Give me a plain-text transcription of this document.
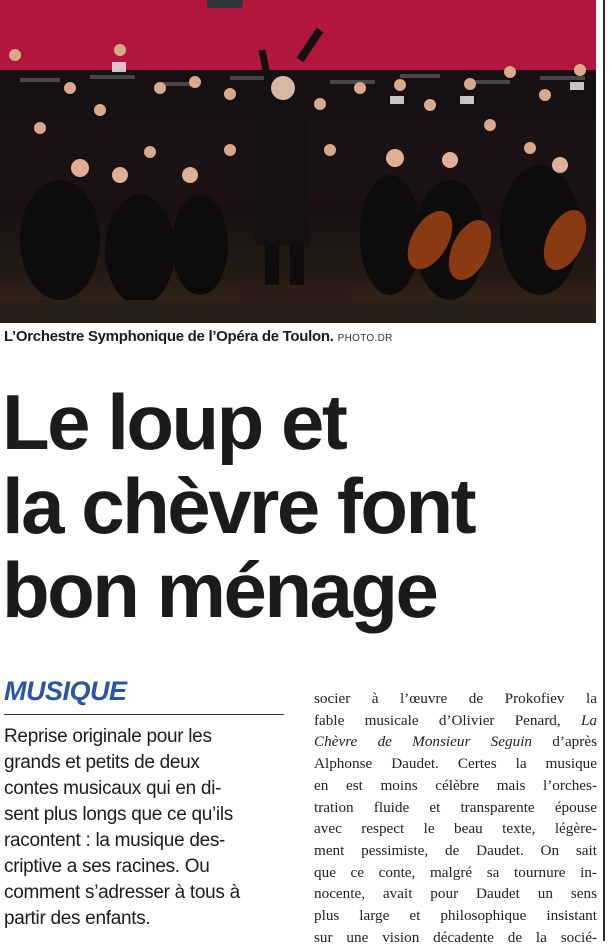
L’Orchestre Symphonique de l’Opéra de Toulon. PHOTO.DR
Le loup et
la chèvre font
bon ménage
MUSIQUE
Reprise originale pour les
grands et petits de deux
contes musicaux qui en di-
sent plus longs que ce qu’ils
racontent : la musique des-
criptive a ses racines. Ou
comment s’adresser à tous à
partir des enfants.
socier à l’œuvre de Prokofiev la
fable musicale d’Olivier Penard, La
Chèvre de Monsieur Seguin d’après
Alphonse Daudet. Certes la musique
en est moins célèbre mais l’orches-
tration fluide et transparente épouse
avec respect le beau texte, légère-
ment pessimiste, de Daudet. On sait
que ce conte, malgré sa tournure in-
nocente, avait pour Daudet un sens
plus large et philosophique insistant
sur une vision décadente de la socié-
